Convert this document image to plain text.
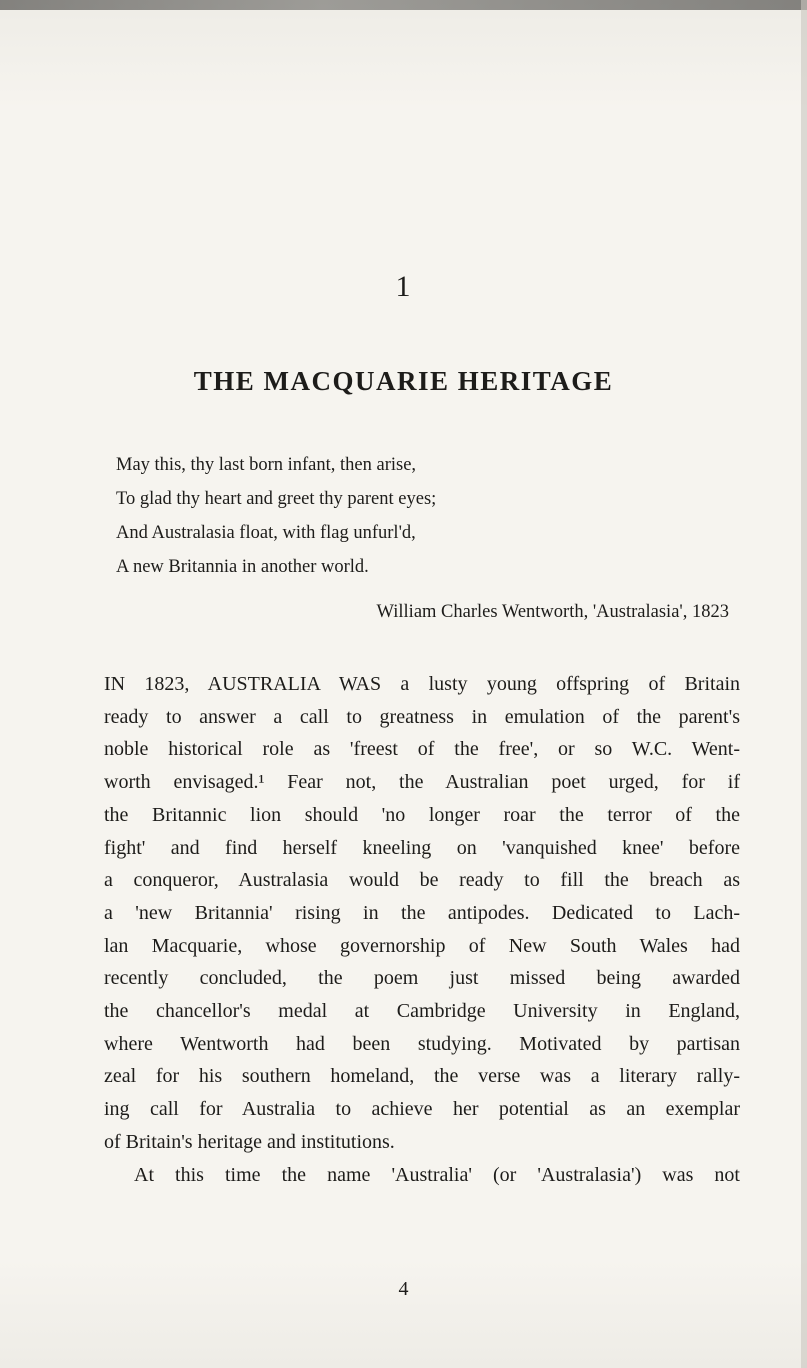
1
THE MACQUARIE HERITAGE
May this, thy last born infant, then arise,
To glad thy heart and greet thy parent eyes;
And Australasia float, with flag unfurl'd,
A new Britannia in another world.
William Charles Wentworth, 'Australasia', 1823

IN 1823, AUSTRALIA WAS a lusty young offspring of Britain
ready to answer a call to greatness in emulation of the parent's
noble historical role as 'freest of the free', or so W.C. Went-
worth envisaged.¹ Fear not, the Australian poet urged, for if
the Britannic lion should 'no longer roar the terror of the
fight' and find herself kneeling on 'vanquished knee' before
a conqueror, Australasia would be ready to fill the breach as
a 'new Britannia' rising in the antipodes. Dedicated to Lach-
lan Macquarie, whose governorship of New South Wales had
recently concluded, the poem just missed being awarded
the chancellor's medal at Cambridge University in England,
where Wentworth had been studying. Motivated by partisan
zeal for his southern homeland, the verse was a literary rally-
ing call for Australia to achieve her potential as an exemplar
of Britain's heritage and institutions.

At this time the name 'Australia' (or 'Australasia') was not

4
